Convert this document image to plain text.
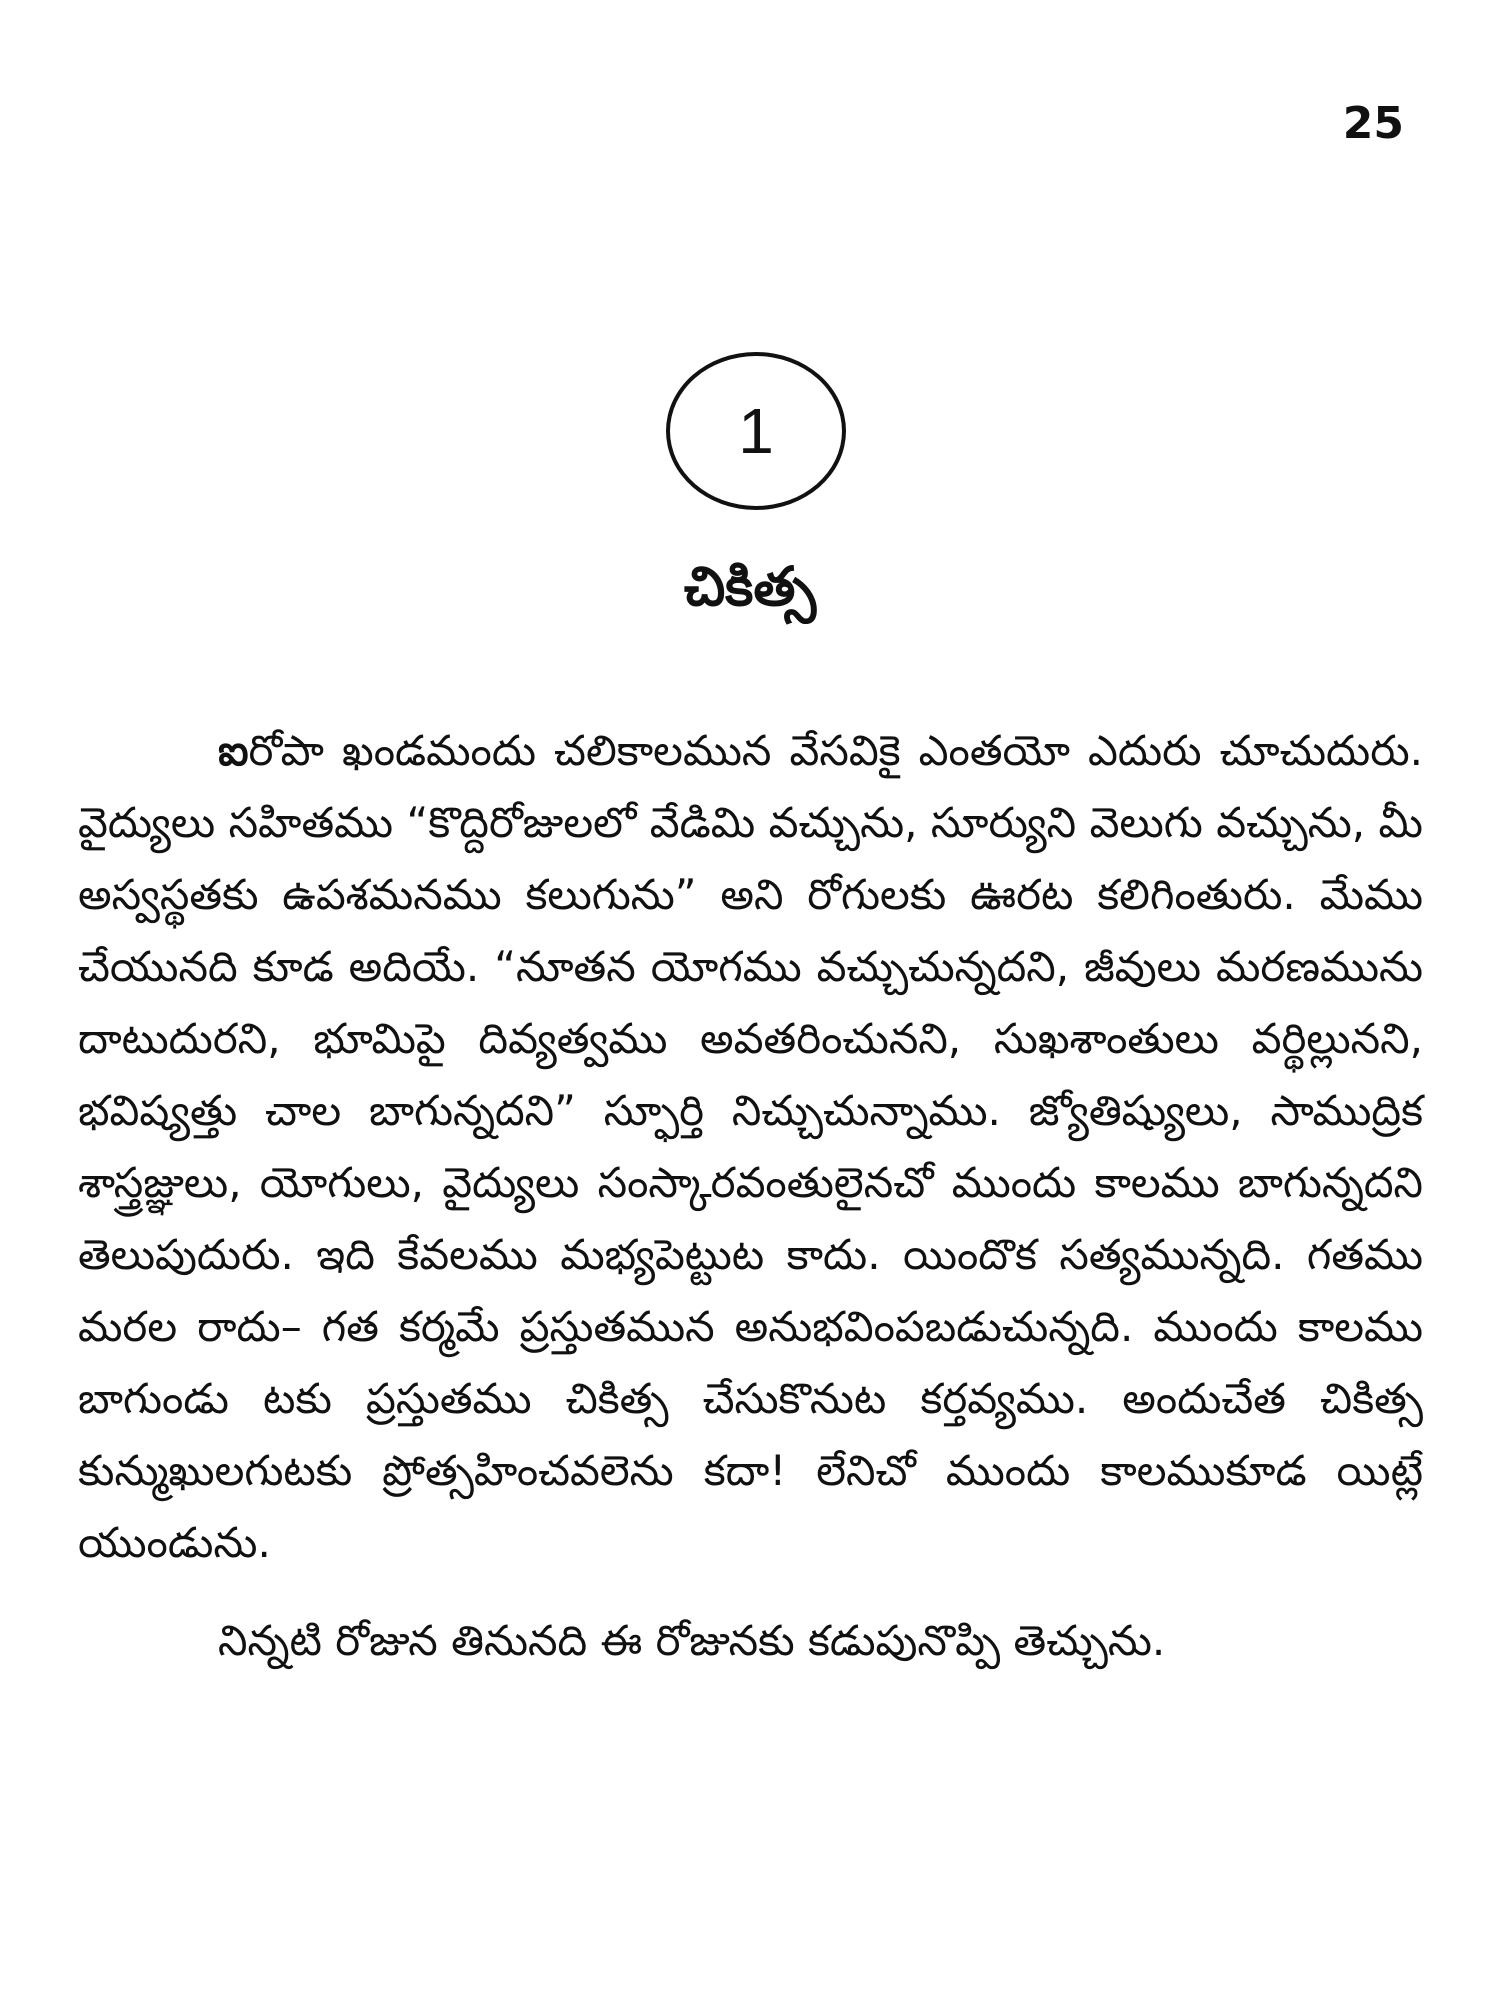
25
1
చికిత్స

ఐరోపా ఖండమందు చలికాలమున వేసవికై ఎంతయో ఎదురు చూచుదురు. వైద్యులు సహితము “కొద్దిరోజులలో వేడిమి వచ్చును, సూర్యుని వెలుగు వచ్చును, మీ అస్వస్థతకు ఉపశమనము కలుగును” అని రోగులకు ఊరట కలిగింతురు. మేము చేయునది కూడ అదియే. “నూతన యోగము వచ్చుచున్నదని, జీవులు మరణమును దాటుదురని, భూమిపై దివ్యత్వము అవతరించునని, సుఖశాంతులు వర్థిల్లునని, భవిష్యత్తు చాల బాగున్నదని” స్ఫూర్తి నిచ్చుచున్నాము. జ్యోతిష్యులు, సాముద్రిక శాస్త్రజ్ఞులు, యోగులు, వైద్యులు సంస్కారవంతులైనచో ముందు కాలము బాగున్నదని తెలుపుదురు. ఇది కేవలము మభ్యపెట్టుట కాదు. యిందొక సత్యమున్నది. గతము మరల రాదు– గత కర్మమే ప్రస్తుతమున అనుభవింపబడుచున్నది. ముందు కాలము బాగుండు టకు ప్రస్తుతము చికిత్స చేసుకొనుట కర్తవ్యము. అందుచేత చికిత్స కున్ముఖులగుటకు ప్రోత్సహించవలెను కదా! లేనిచో ముందు కాలముకూడ యిట్లే యుండును.

నిన్నటి రోజున తినునది ఈ రోజునకు కడుపునొప్పి తెచ్చును.
